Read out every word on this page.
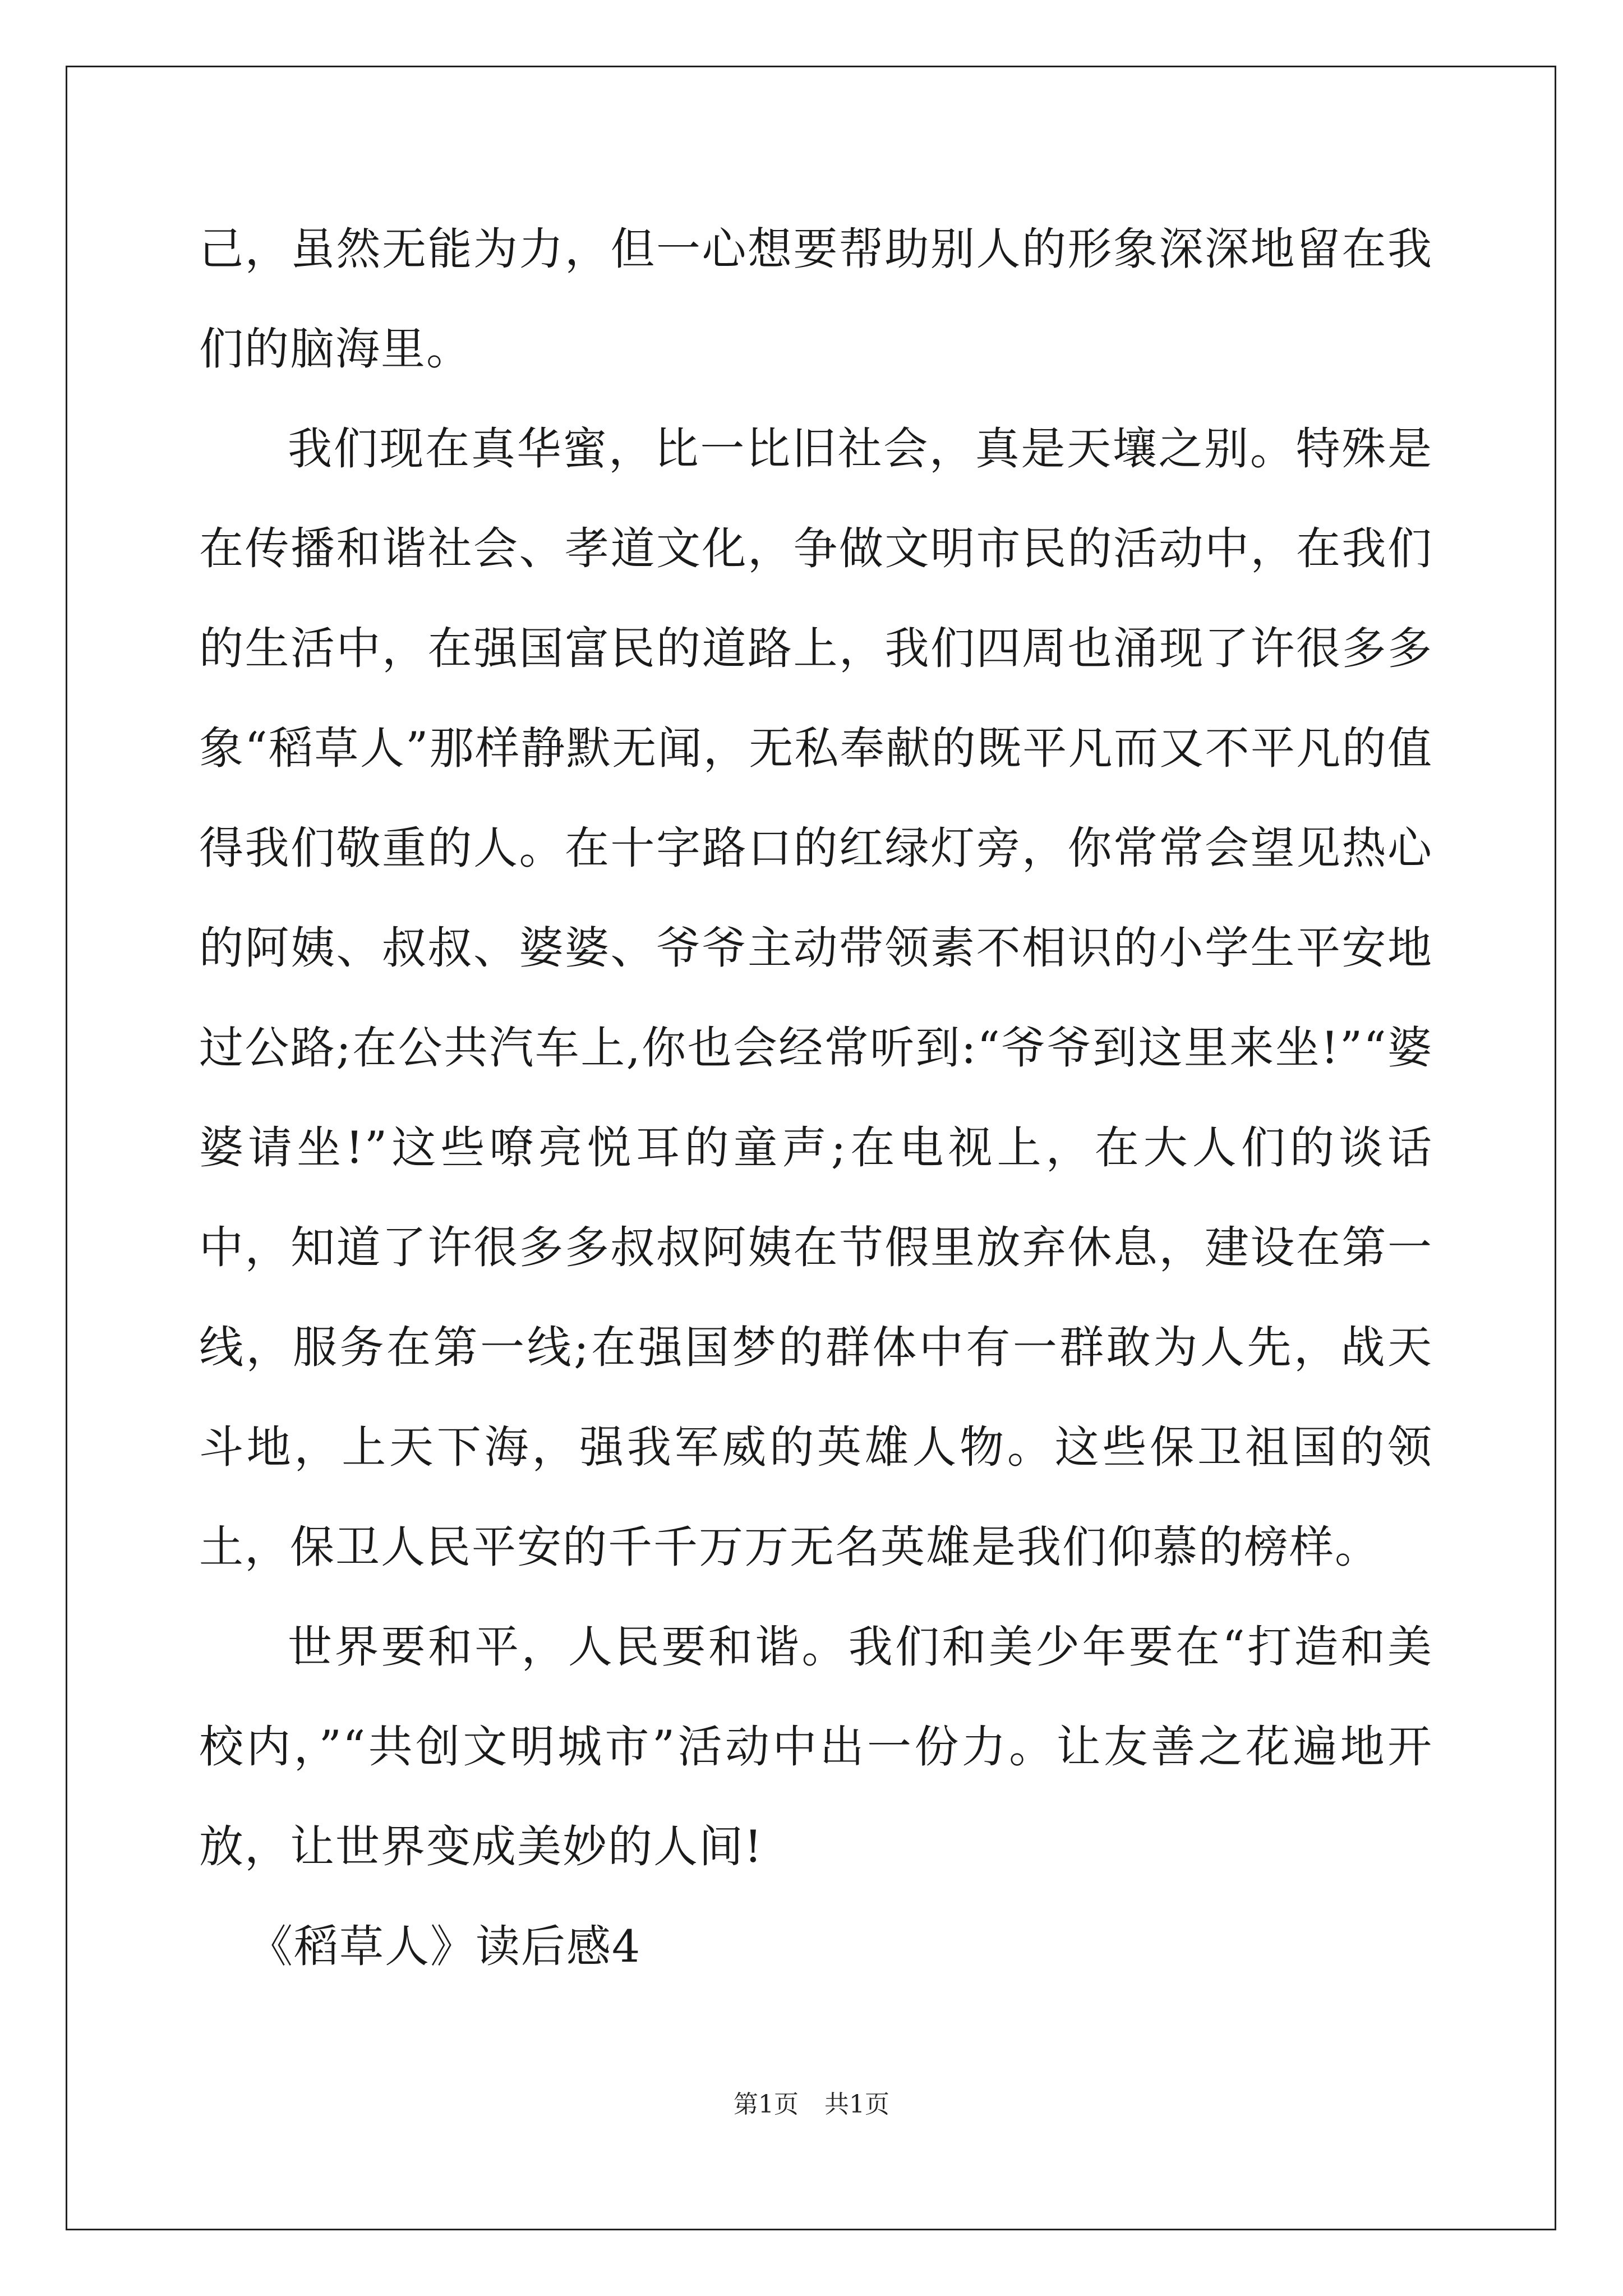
己，虽然无能为力，但一心想要帮助别人的形象深深地留在我们的脑海里。

我们现在真华蜜，比一比旧社会，真是天壤之别。特殊是在传播和谐社会、孝道文化，争做文明市民的活动中，在我们的生活中，在强国富民的道路上，我们四周也涌现了许很多多象“稻草人”那样静默无闻，无私奉献的既平凡而又不平凡的值得我们敬重的人。在十字路口的红绿灯旁，你常常会望见热心的阿姨、叔叔、婆婆、爷爷主动带领素不相识的小学生平安地过公路;在公共汽车上,你也会经常听到:“爷爷到这里来坐!”“婆婆请坐!”这些嘹亮悦耳的童声;在电视上，在大人们的谈话中，知道了许很多多叔叔阿姨在节假里放弃休息，建设在第一线，服务在第一线;在强国梦的群体中有一群敢为人先，战天斗地，上天下海，强我军威的英雄人物。这些保卫祖国的领土，保卫人民平安的千千万万无名英雄是我们仰慕的榜样。

世界要和平，人民要和谐。我们和美少年要在“打造和美校内，”“共创文明城市”活动中出一份力。让友善之花遍地开放，让世界变成美妙的人间!

《稻草人》读后感4

第1页 共1页
